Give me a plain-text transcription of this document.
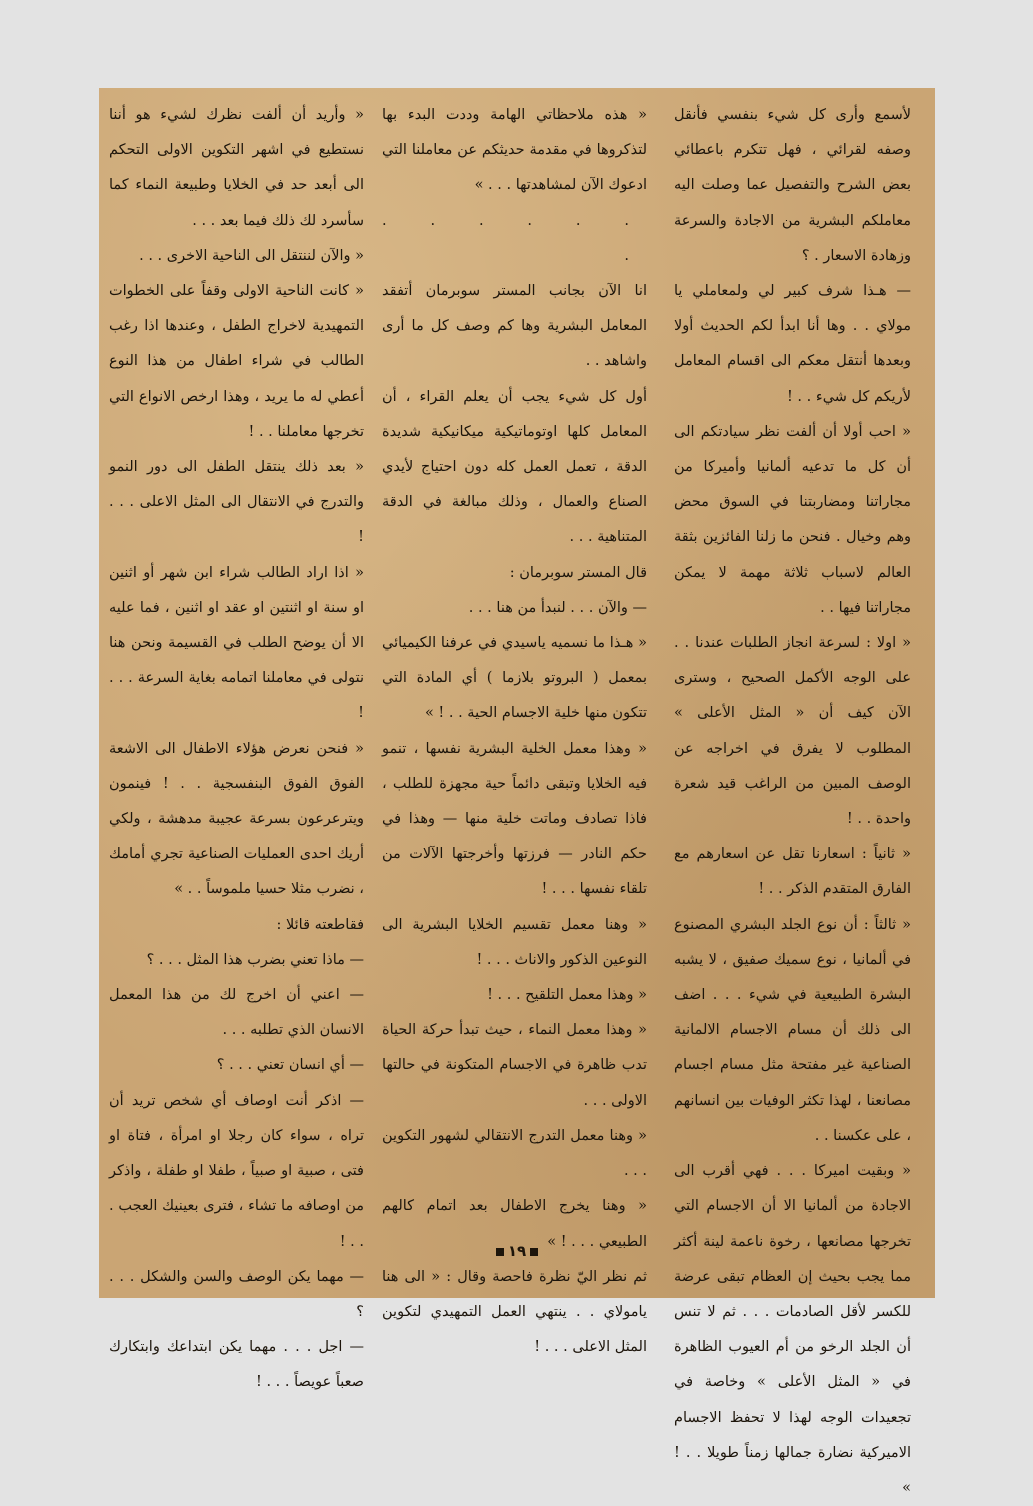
لأسمع وأرى كل شيء بنفسي فأنقل وصفه لقرائي ، فهل تتكرم باعطائي بعض الشرح والتفصيل عما وصلت اليه معاملكم البشرية من الاجادة والسرعة وزهادة الاسعار . ؟

— هـذا شرف كبير لي ولمعاملي يا مولاي . . وها أنا ابدأ لكم الحديث أولا وبعدها أنتقل معكم الى اقسام المعامل لأريكم كل شيء . . !

« احب أولا أن ألفت نظر سيادتكم الى أن كل ما تدعيه ألمانيا وأميركا من مجاراتنا ومضاربتنا في السوق محض وهم وخيال . فنحن ما زلنا الفائزين بثقة العالم لاسباب ثلاثة مهمة لا يمكن مجاراتنا فيها . .

« اولا : لسرعة انجاز الطلبات عندنا . . على الوجه الأكمل الصحيح ، وسترى الآن كيف أن « المثل الأعلى » المطلوب لا يفرق في اخراجه عن الوصف المبين من الراغب قيد شعرة واحدة . . !

« ثانياً : اسعارنا تقل عن اسعارهم مع الفارق المتقدم الذكر . . !

« ثالثاً : أن نوع الجلد البشري المصنوع في ألمانيا ، نوع سميك صفيق ، لا يشبه البشرة الطبيعية في شيء . . . اضف الى ذلك أن مسام الاجسام الالمانية الصناعية غير مفتحة مثل مسام اجسام مصانعنا ، لهذا تكثر الوفيات بين انسانهم ، على عكسنا . .

« وبقيت اميركا . . . فهي أقرب الى الاجادة من ألمانيا الا أن الاجسام التي تخرجها مصانعها ، رخوة ناعمة لينة أكثر مما يجب بحيث إن العظام تبقى عرضة للكسر لأقل الصادمات . . . ثم لا تنس أن الجلد الرخو من أم العيوب الظاهرة في « المثل الأعلى » وخاصة في تجعيدات الوجه لهذا لا تحفظ الاجسام الاميركية نضارة جمالها زمناً طويلا . . ! »

« هذه ملاحظاتي الهامة وددت البدء بها لتذكروها في مقدمة حديثكم عن معاملنا التي ادعوك الآن لمشاهدتها . . . »

. . . . . . .

انا الآن بجانب المستر سوبرمان أتفقد المعامل البشرية وها كم وصف كل ما أرى واشاهد . .

أول كل شيء يجب أن يعلم القراء ، أن المعامل كلها اوتوماتيكية ميكانيكية شديدة الدقة ، تعمل العمل كله دون احتياج لأيدي الصناع والعمال ، وذلك مبالغة في الدقة المتناهية . . .

قال المستر سوبرمان :

— والآن . . . لنبدأ من هنا . . .

« هـذا ما نسميه ياسيدي في عرفنا الكيميائي بمعمل ( البروتو بلازما ) أي المادة التي تتكون منها خلية الاجسام الحية . . ! »

« وهذا معمل الخلية البشرية نفسها ، تنمو فيه الخلايا وتبقى دائماً حية مجهزة للطلب ، فاذا تصادف وماتت خلية منها — وهذا في حكم النادر — فرزتها وأخرجتها الآلات من تلقاء نفسها . . . !

« وهنا معمل تقسيم الخلايا البشرية الى النوعين الذكور والاناث . . . !

« وهذا معمل التلقيح . . . !

« وهذا معمل النماء ، حيث تبدأ حركة الحياة تدب ظاهرة في الاجسام المتكونة في حالتها الاولى . . .

« وهنا معمل التدرج الانتقالي لشهور التكوين . . .

« وهنا يخرج الاطفال بعد اتمام كالهم الطبيعي . . . ! »

ثم نظر اليّ نظرة فاحصة وقال : « الى هنا يامولاي . . ينتهي العمل التمهيدي لتكوين المثل الاعلى . . . !

« وأريد أن ألفت نظرك لشيء هو أننا نستطيع في اشهر التكوين الاولى التحكم الى أبعد حد في الخلايا وطبيعة النماء كما سأسرد لك ذلك فيما بعد . . .

« والآن لننتقل الى الناحية الاخرى . . .

« كانت الناحية الاولى وقفاً على الخطوات التمهيدية لاخراج الطفل ، وعندها اذا رغب الطالب في شراء اطفال من هذا النوع أعطي له ما يريد ، وهذا ارخص الانواع التي تخرجها معاملنا . . !

« بعد ذلك ينتقل الطفل الى دور النمو والتدرج في الانتقال الى المثل الاعلى . . . !

« اذا اراد الطالب شراء ابن شهر أو اثنين او سنة او اثنتين او عقد او اثنين ، فما عليه الا أن يوضح الطلب في القسيمة ونحن هنا نتولى في معاملنا اتمامه بغاية السرعة . . . !

« فنحن نعرض هؤلاء الاطفال الى الاشعة الفوق الفوق البنفسجية . . ! فينمون ويترعرعون بسرعة عجيبة مدهشة ، ولكي أريك احدى العمليات الصناعية تجري أمامك ، نضرب مثلا حسيا ملموساً . . »

فقاطعته قائلا :

— ماذا تعني بضرب هذا المثل . . . ؟

— اعني أن اخرج لك من هذا المعمل الانسان الذي تطلبه . . .

— أي انسان تعني . . . ؟

— اذكر أنت اوصاف أي شخص تريد أن تراه ، سواء كان رجلا او امرأة ، فتاة او فتى ، صبية او صبياً ، طفلا او طفلة ، واذكر من اوصافه ما تشاء ، فترى بعينيك العجب . . . !

— مهما يكن الوصف والسن والشكل . . . ؟

— اجل . . . مهما يكن ابتداعك وابتكارك صعباً عويصاً . . . !

١٩
